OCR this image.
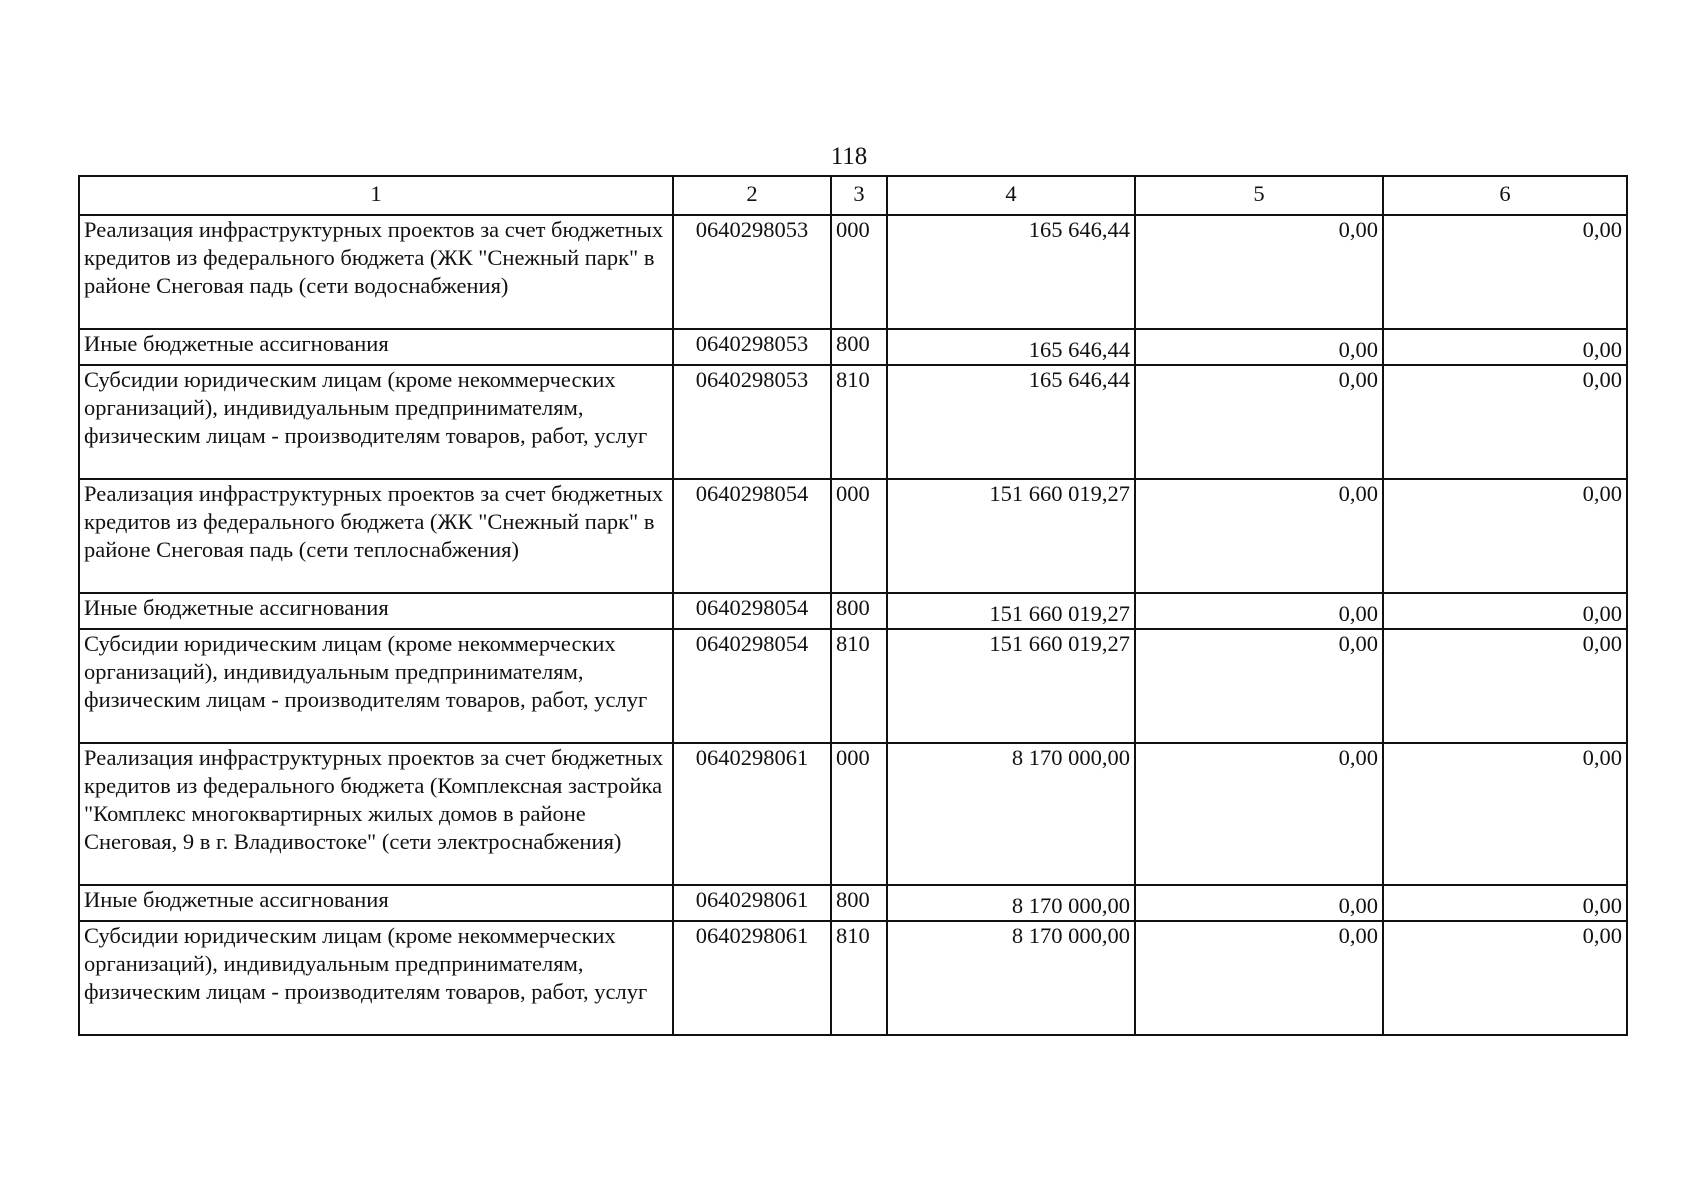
118
1	2	3	4	5	6
Реализация инфраструктурных проектов за счет бюджетных кредитов из федерального бюджета (ЖК "Снежный парк" в районе Снеговая падь (сети водоснабжения)	0640298053	000	165 646,44	0,00	0,00
Иные бюджетные ассигнования	0640298053	800	165 646,44	0,00	0,00
Субсидии юридическим лицам (кроме некоммерческих организаций), индивидуальным предпринимателям, физическим лицам - производителям товаров, работ, услуг	0640298053	810	165 646,44	0,00	0,00
Реализация инфраструктурных проектов за счет бюджетных кредитов из федерального бюджета (ЖК "Снежный парк" в районе Снеговая падь (сети теплоснабжения)	0640298054	000	151 660 019,27	0,00	0,00
Иные бюджетные ассигнования	0640298054	800	151 660 019,27	0,00	0,00
Субсидии юридическим лицам (кроме некоммерческих организаций), индивидуальным предпринимателям, физическим лицам - производителям товаров, работ, услуг	0640298054	810	151 660 019,27	0,00	0,00
Реализация инфраструктурных проектов за счет бюджетных кредитов из федерального бюджета (Комплексная застройка "Комплекс многоквартирных жилых домов в районе Снеговая, 9 в г. Владивостоке" (сети электроснабжения)	0640298061	000	8 170 000,00	0,00	0,00
Иные бюджетные ассигнования	0640298061	800	8 170 000,00	0,00	0,00
Субсидии юридическим лицам (кроме некоммерческих организаций), индивидуальным предпринимателям, физическим лицам - производителям товаров, работ, услуг	0640298061	810	8 170 000,00	0,00	0,00
